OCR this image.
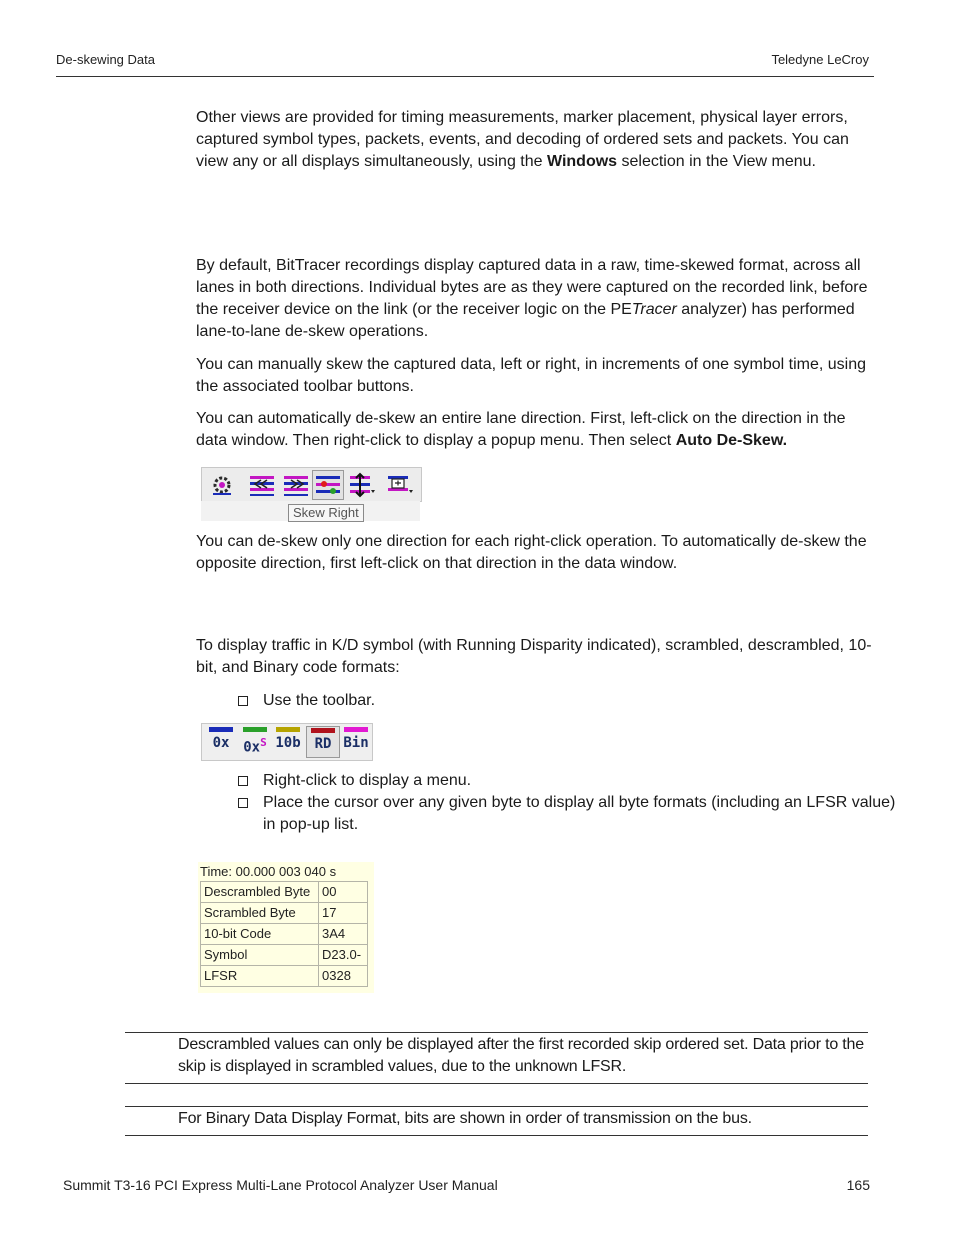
De-skewing Data	Teledyne LeCroy

Other views are provided for timing measurements, marker placement, physical layer errors, captured symbol types, packets, events, and decoding of ordered sets and packets. You can view any or all displays simultaneously, using the Windows selection in the View menu.

By default, BitTracer recordings display captured data in a raw, time-skewed format, across all lanes in both directions. Individual bytes are as they were captured on the recorded link, before the receiver device on the link (or the receiver logic on the PETracer analyzer) has performed lane-to-lane de-skew operations.

You can manually skew the captured data, left or right, in increments of one symbol time, using the associated toolbar buttons.

You can automatically de-skew an entire lane direction. First, left-click on the direction in the data window. Then right-click to display a popup menu. Then select Auto De-Skew.

Skew Right

You can de-skew only one direction for each right-click operation. To automatically de-skew the opposite direction, first left-click on that direction in the data window.

To display traffic in K/D symbol (with Running Disparity indicated), scrambled, descrambled, 10-bit, and Binary code formats:

Use the toolbar.

0x $0x^S$ 10b RD Bin

Right-click to display a menu.

Place the cursor over any given byte to display all byte formats (including an LFSR value) in pop-up list.

Time: 00.000 003 040 s
Descrambled Byte	00
Scrambled Byte	17
10-bit Code	3A4
Symbol	D23.0-
LFSR	0328

Descrambled values can only be displayed after the first recorded skip ordered set. Data prior to the skip is displayed in scrambled values, due to the unknown LFSR.

For Binary Data Display Format, bits are shown in order of transmission on the bus.

Summit T3-16 PCI Express Multi-Lane Protocol Analyzer User Manual	165
